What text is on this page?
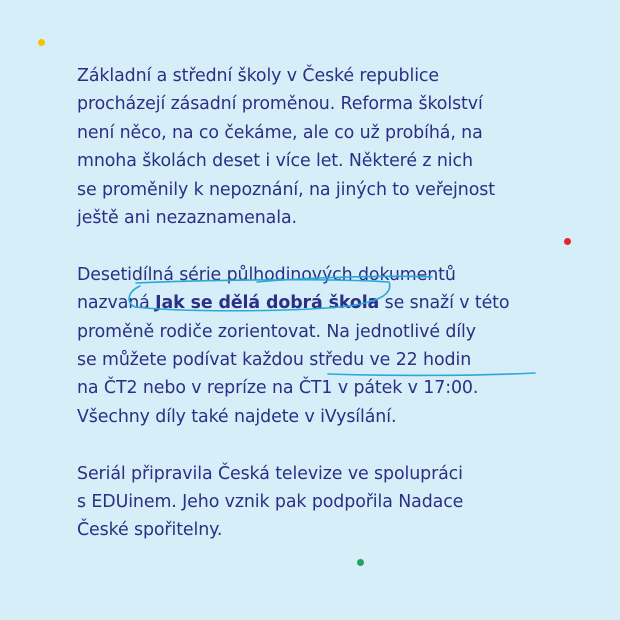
Základní a střední školy v České republice
procházejí zásadní proměnou. Reforma školství
není něco, na co čekáme, ale co už probíhá, na
mnoha školách deset i více let. Některé z nich
se proměnily k nepoznání, na jiných to veřejnost
ještě ani nezaznamenala.

Desetidílná série půlhodinových dokumentů
nazvaná Jak se dělá dobrá škola se snaží v této
proměně rodiče zorientovat. Na jednotlivé díly
se můžete podívat každou středu ve 22 hodin
na ČT2 nebo v repríze na ČT1 v pátek v 17:00.
Všechny díly také najdete v iVysílání.

Seriál připravila Česká televize ve spolupráci
s EDUinem. Jeho vznik pak podpořila Nadace
České spořitelny.
